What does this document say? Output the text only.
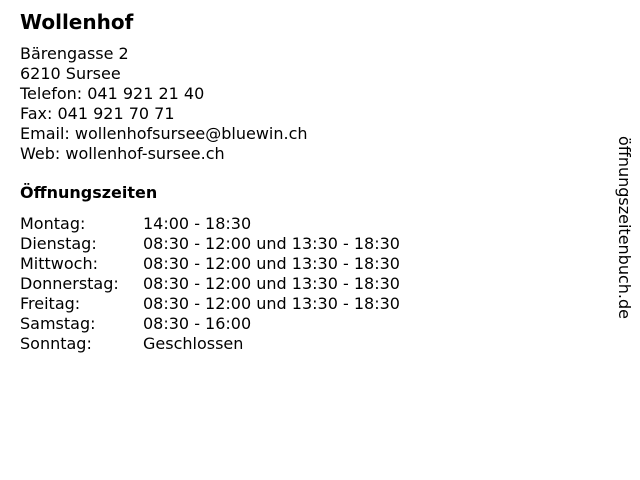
Wollenhof
Bärengasse 2
6210 Sursee
Telefon: 041 921 21 40
Fax: 041 921 70 71
Email: wollenhofsursee@bluewin.ch
Web: wollenhof-sursee.ch
Öffnungszeiten
Montag:	14:00 - 18:30
Dienstag:	08:30 - 12:00 und 13:30 - 18:30
Mittwoch:	08:30 - 12:00 und 13:30 - 18:30
Donnerstag: 08:30 - 12:00 und 13:30 - 18:30
Freitag:	08:30 - 12:00 und 13:30 - 18:30
Samstag:	08:30 - 16:00
Sonntag:	Geschlossen
öffnungszeitenbuch.de
